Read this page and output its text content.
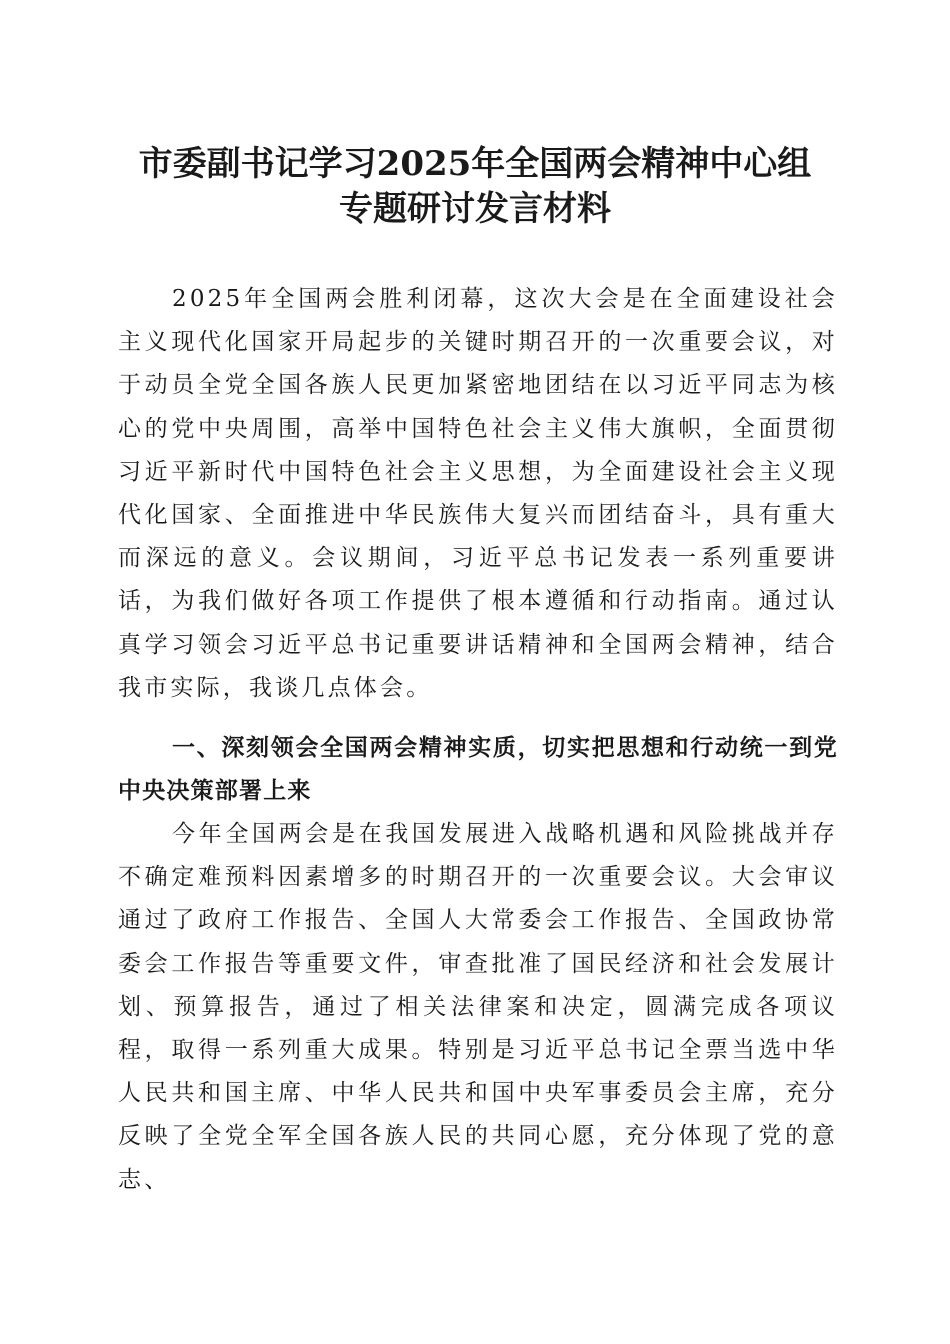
市委副书记学习2025年全国两会精神中心组
专题研讨发言材料

2025年全国两会胜利闭幕，这次大会是在全面建设社会主义现代化国家开局起步的关键时期召开的一次重要会议，对于动员全党全国各族人民更加紧密地团结在以习近平同志为核心的党中央周围，高举中国特色社会主义伟大旗帜，全面贯彻习近平新时代中国特色社会主义思想，为全面建设社会主义现代化国家、全面推进中华民族伟大复兴而团结奋斗，具有重大而深远的意义。会议期间，习近平总书记发表一系列重要讲话，为我们做好各项工作提供了根本遵循和行动指南。通过认真学习领会习近平总书记重要讲话精神和全国两会精神，结合我市实际，我谈几点体会。

一、深刻领会全国两会精神实质，切实把思想和行动统一到党中央决策部署上来

今年全国两会是在我国发展进入战略机遇和风险挑战并存不确定难预料因素增多的时期召开的一次重要会议。大会审议通过了政府工作报告、全国人大常委会工作报告、全国政协常委会工作报告等重要文件，审查批准了国民经济和社会发展计划、预算报告，通过了相关法律案和决定，圆满完成各项议程，取得一系列重大成果。特别是习近平总书记全票当选中华人民共和国主席、中华人民共和国中央军事委员会主席，充分反映了全党全军全国各族人民的共同心愿，充分体现了党的意志、
